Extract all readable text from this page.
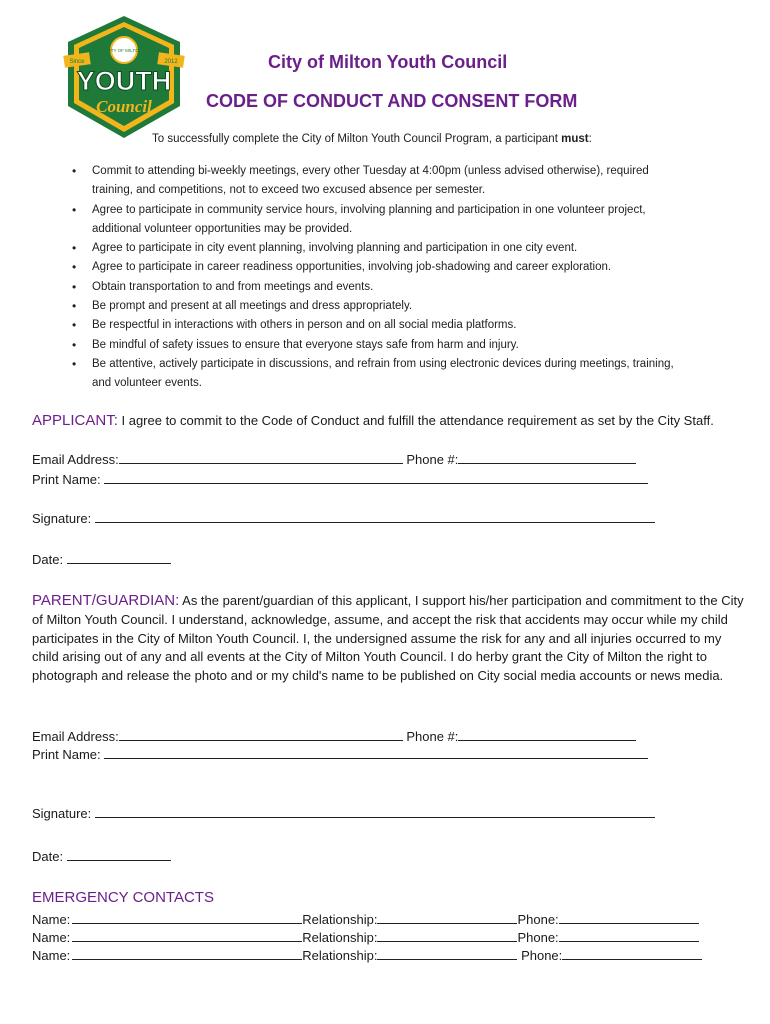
Since	2012
CITY OF MILTON
YOUTH
Council
City of Milton Youth Council
CODE OF CONDUCT AND CONSENT FORM
To successfully complete the City of Milton Youth Council Program, a participant must:
• Commit to attending bi-weekly meetings, every other Tuesday at 4:00pm (unless advised otherwise), required training, and competitions, not to exceed two excused absence per semester.
• Agree to participate in community service hours, involving planning and participation in one volunteer project, additional volunteer opportunities may be provided.
• Agree to participate in city event planning, involving planning and participation in one city event.
• Agree to participate in career readiness opportunities, involving job-shadowing and career exploration.
• Obtain transportation to and from meetings and events.
• Be prompt and present at all meetings and dress appropriately.
• Be respectful in interactions with others in person and on all social media platforms.
• Be mindful of safety issues to ensure that everyone stays safe from harm and injury.
• Be attentive, actively participate in discussions, and refrain from using electronic devices during meetings, training, and volunteer events.
APPLICANT: I agree to commit to the Code of Conduct and fulfill the attendance requirement as set by the City Staff.
Email Address:	Phone #:
Print Name:
Signature:
Date:
PARENT/GUARDIAN: As the parent/guardian of this applicant, I support his/her participation and commitment to the City of Milton Youth Council. I understand, acknowledge, assume, and accept the risk that accidents may occur while my child participates in the City of Milton Youth Council. I, the undersigned assume the risk for any and all injuries occurred to my child arising out of any and all events at the City of Milton Youth Council. I do herby grant the City of Milton the right to photograph and release the photo and or my child's name to be published on City social media accounts or news media.
Email Address:	Phone #:
Print Name:
Signature:
Date:
EMERGENCY CONTACTS
Name:	Relationship:	Phone:
Name:	Relationship:	Phone:
Name:	Relationship:	Phone:
